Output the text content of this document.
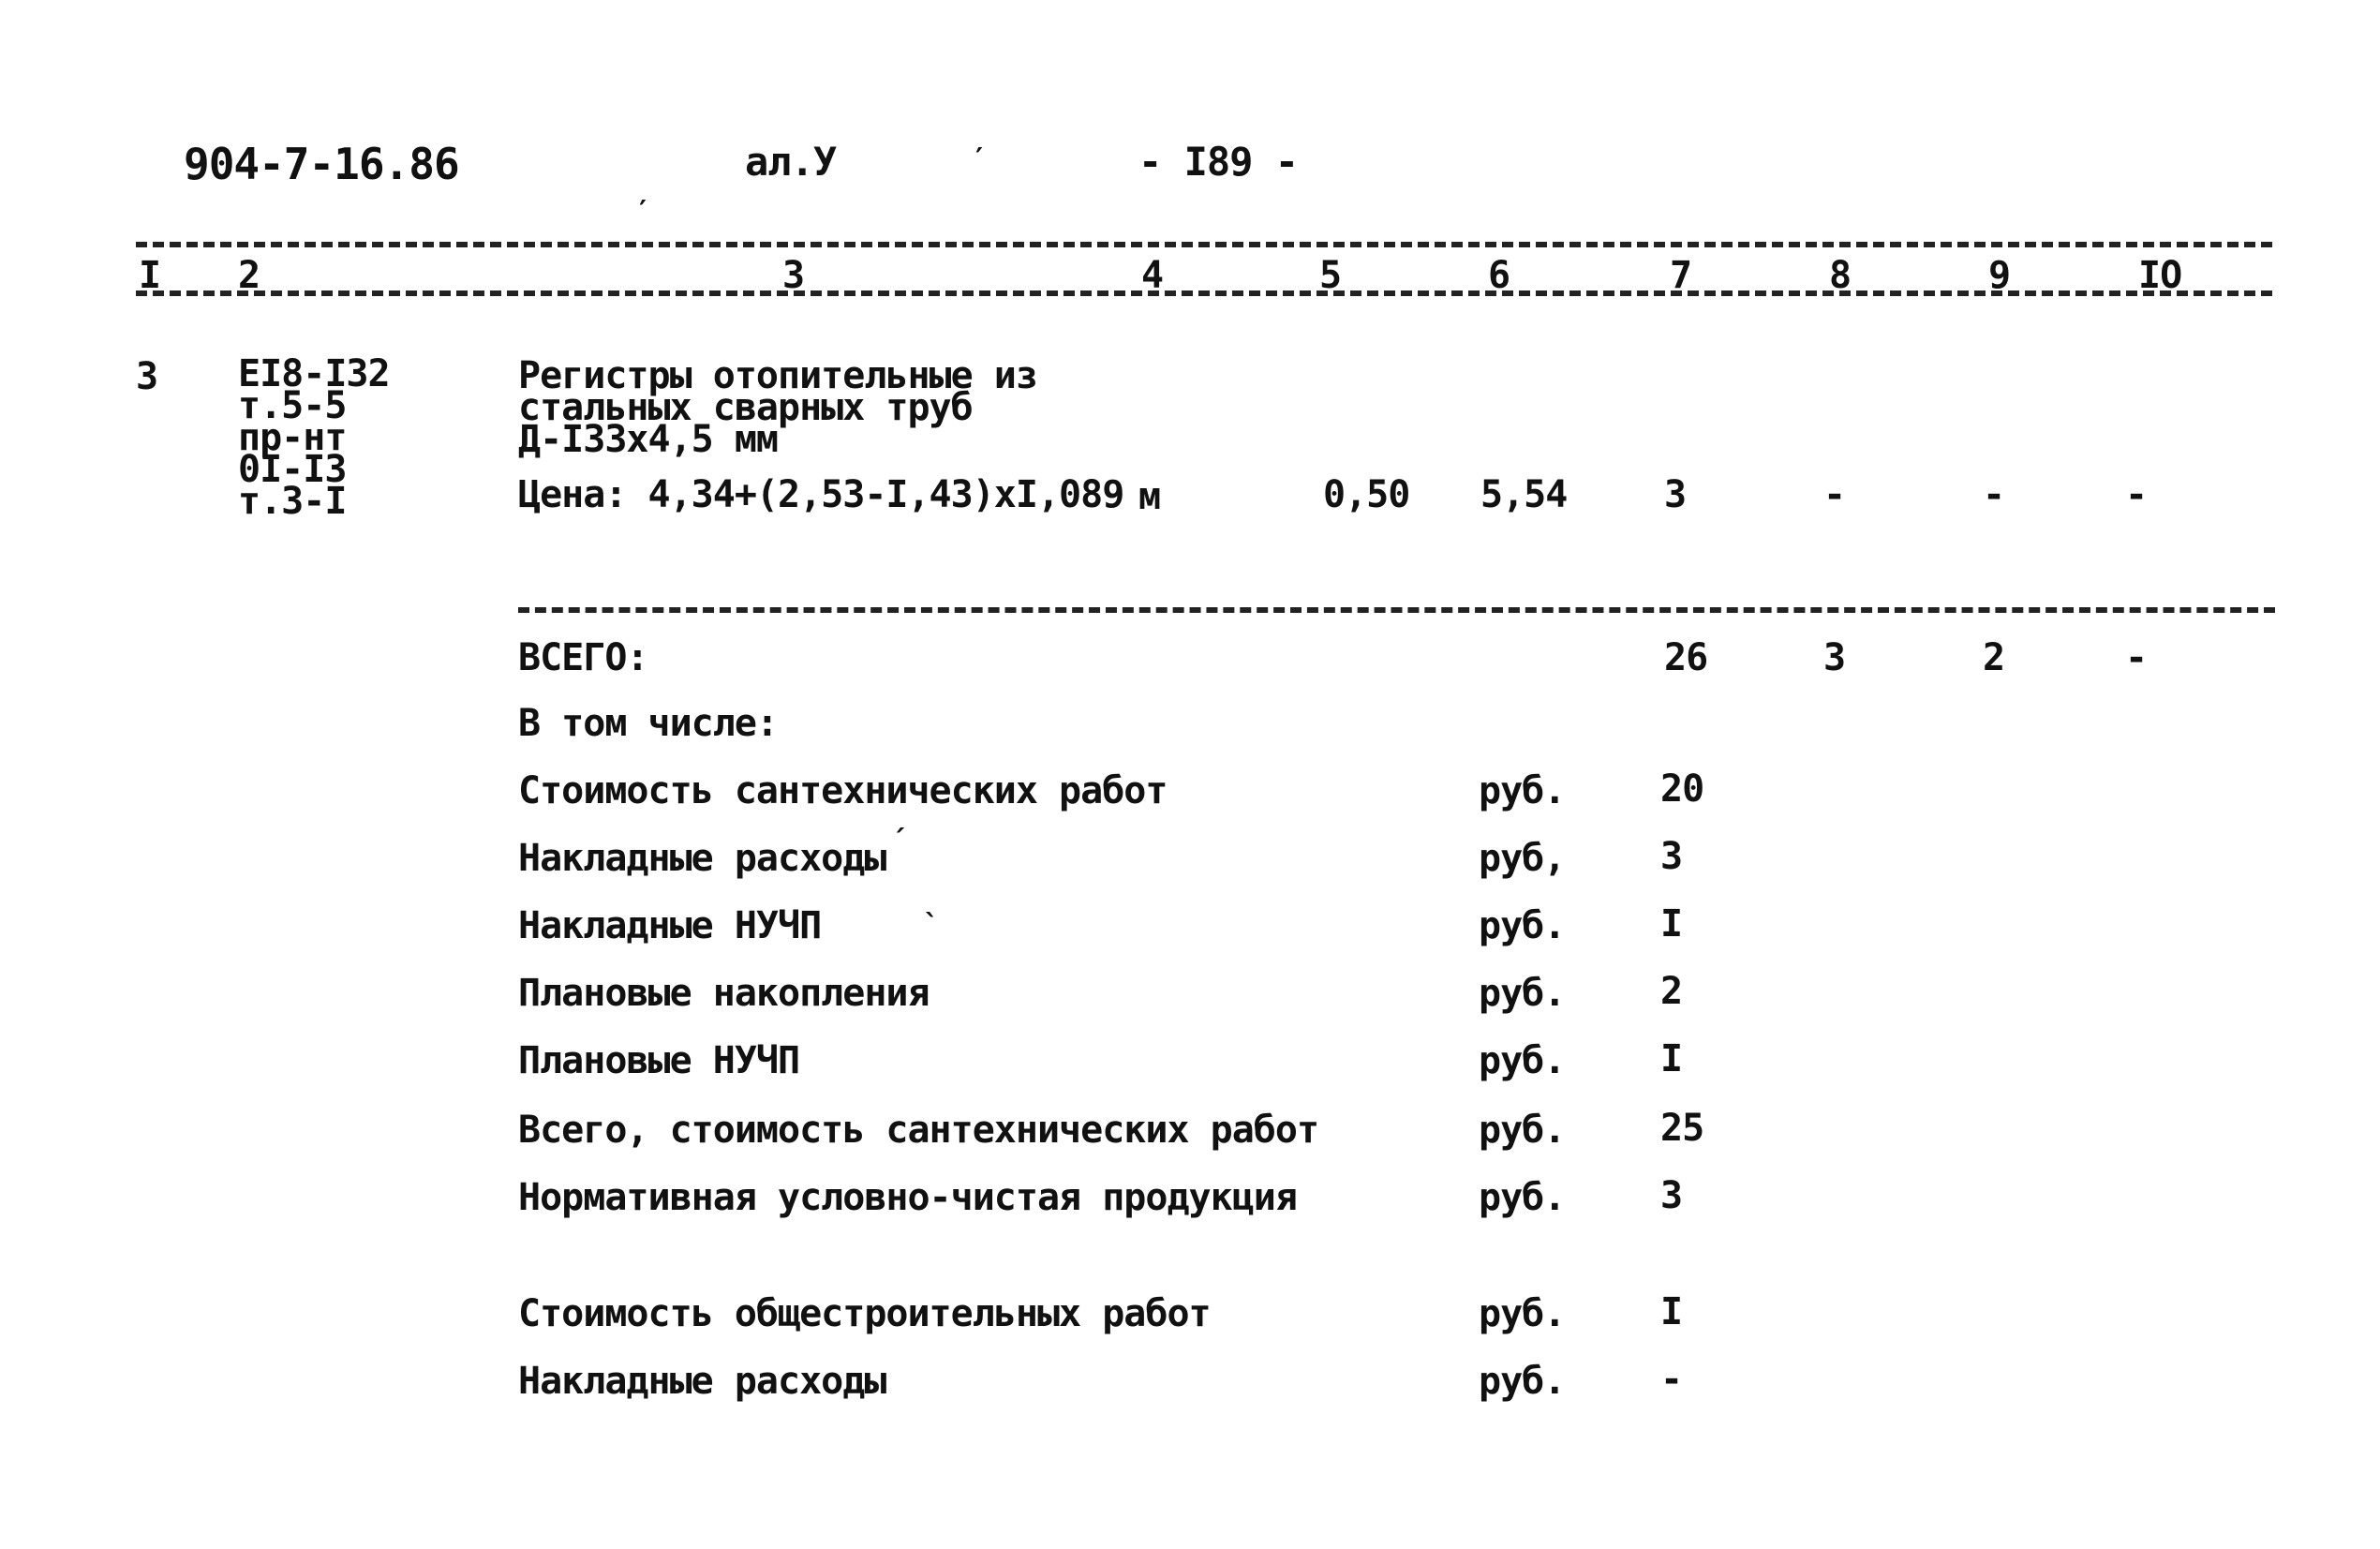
904-7-16.86	ал.У	- I89 -
′
′
I 2	3	4	5	6	7	8	9	IO
3 ЕI8-I32
т.5-5
пр-нт
0I-I3
т.3-I
Регистры отопительные из
стальных сварных труб
Д-I33х4,5 мм
Цена: 4,34+(2,53-I,43)хI,089 м	0,50 5,54	3	-	-	-
ВСЕГО:	26	3	2	-
В том числе:
Стоимость сантехнических работ	руб.	20
Накладные расходы	руб,	3
Накладные НУЧП	руб.	I
Плановые накопления	руб.	2
Плановые НУЧП	руб.	I
Всего, стоимость сантехнических работ	руб.	25
Нормативная условно-чистая продукция	руб.	3
Стоимость общестроительных работ	руб.	I
Накладные расходы	руб.	-
´
`
